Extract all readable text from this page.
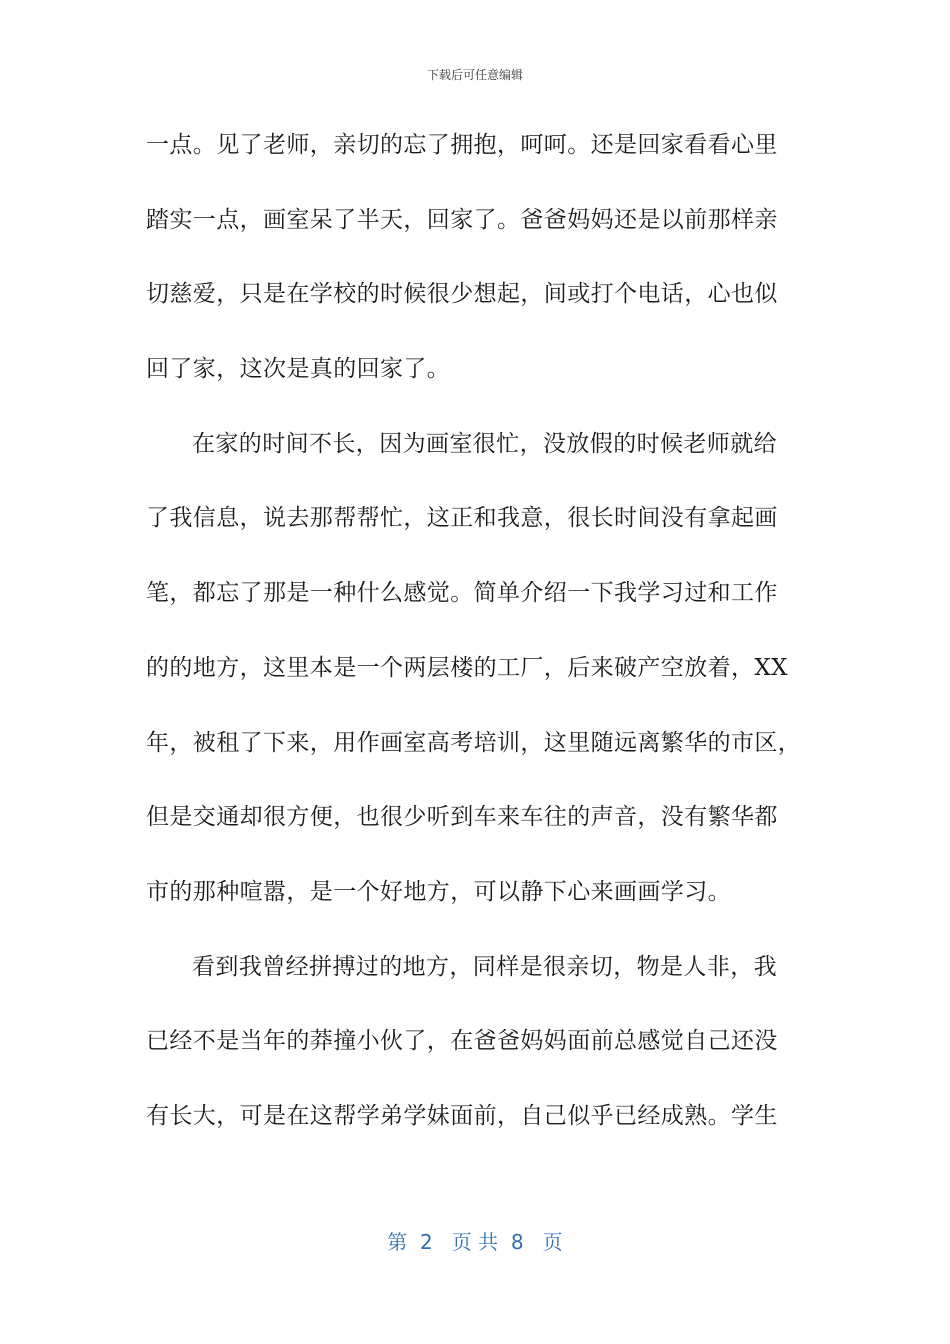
下载后可任意编辑
一点。见了老师，亲切的忘了拥抱，呵呵。还是回家看看心里
踏实一点，画室呆了半天，回家了。爸爸妈妈还是以前那样亲
切慈爱，只是在学校的时候很少想起，间或打个电话，心也似
回了家，这次是真的回家了。
在家的时间不长，因为画室很忙，没放假的时候老师就给
了我信息，说去那帮帮忙，这正和我意，很长时间没有拿起画
笔，都忘了那是一种什么感觉。简单介绍一下我学习过和工作
的的地方，这里本是一个两层楼的工厂，后来破产空放着，XX
年，被租了下来，用作画室高考培训，这里随远离繁华的市区，
但是交通却很方便，也很少听到车来车往的声音，没有繁华都
市的那种喧嚣，是一个好地方，可以静下心来画画学习。
看到我曾经拼搏过的地方，同样是很亲切，物是人非，我
已经不是当年的莽撞小伙了，在爸爸妈妈面前总感觉自己还没
有长大，可是在这帮学弟学妹面前，自己似乎已经成熟。学生
第  2   页 共  8   页
